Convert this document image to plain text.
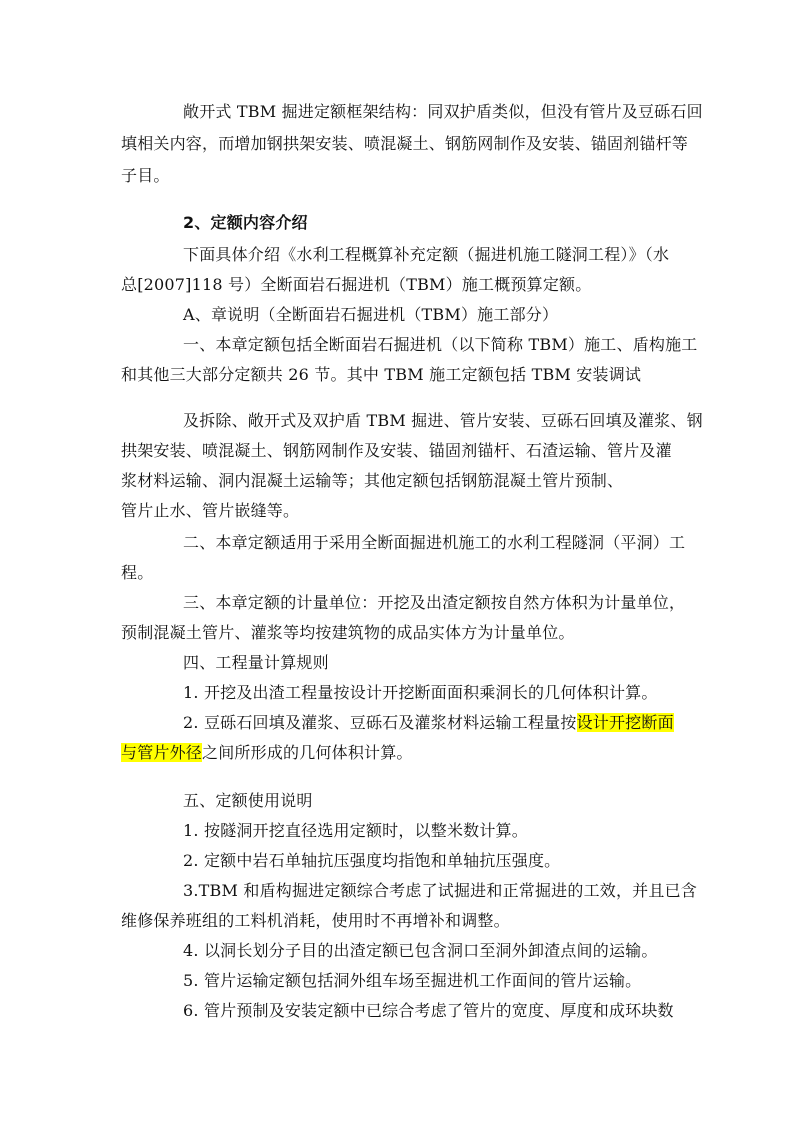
敞开式 TBM 掘进定额框架结构：同双护盾类似，但没有管片及豆砾石回
填相关内容，而增加钢拱架安装、喷混凝土、钢筋网制作及安装、锚固剂锚杆等
子目。
2、定额内容介绍
下面具体介绍《水利工程概算补充定额（掘进机施工隧洞工程）》（水
总[2007]118 号）全断面岩石掘进机（TBM）施工概预算定额。
A、章说明（全断面岩石掘进机（TBM）施工部分）
一、本章定额包括全断面岩石掘进机（以下简称 TBM）施工、盾构施工
和其他三大部分定额共 26 节。其中 TBM 施工定额包括 TBM 安装调试
及拆除、敞开式及双护盾 TBM 掘进、管片安装、豆砾石回填及灌浆、钢
拱架安装、喷混凝土、钢筋网制作及安装、锚固剂锚杆、石渣运输、管片及灌
浆材料运输、洞内混凝土运输等；其他定额包括钢筋混凝土管片预制、
管片止水、管片嵌缝等。
二、本章定额适用于采用全断面掘进机施工的水利工程隧洞（平洞）工
程。
三、本章定额的计量单位：开挖及出渣定额按自然方体积为计量单位，
预制混凝土管片、灌浆等均按建筑物的成品实体方为计量单位。
四、工程量计算规则
1. 开挖及出渣工程量按设计开挖断面面积乘洞长的几何体积计算。
2. 豆砾石回填及灌浆、豆砾石及灌浆材料运输工程量按设计开挖断面
与管片外径之间所形成的几何体积计算。
五、定额使用说明
1. 按隧洞开挖直径选用定额时，以整米数计算。
2. 定额中岩石单轴抗压强度均指饱和单轴抗压强度。
3.TBM 和盾构掘进定额综合考虑了试掘进和正常掘进的工效，并且已含
维修保养班组的工料机消耗，使用时不再增补和调整。
4. 以洞长划分子目的出渣定额已包含洞口至洞外卸渣点间的运输。
5. 管片运输定额包括洞外组车场至掘进机工作面间的管片运输。
6. 管片预制及安装定额中已综合考虑了管片的宽度、厚度和成环块数
